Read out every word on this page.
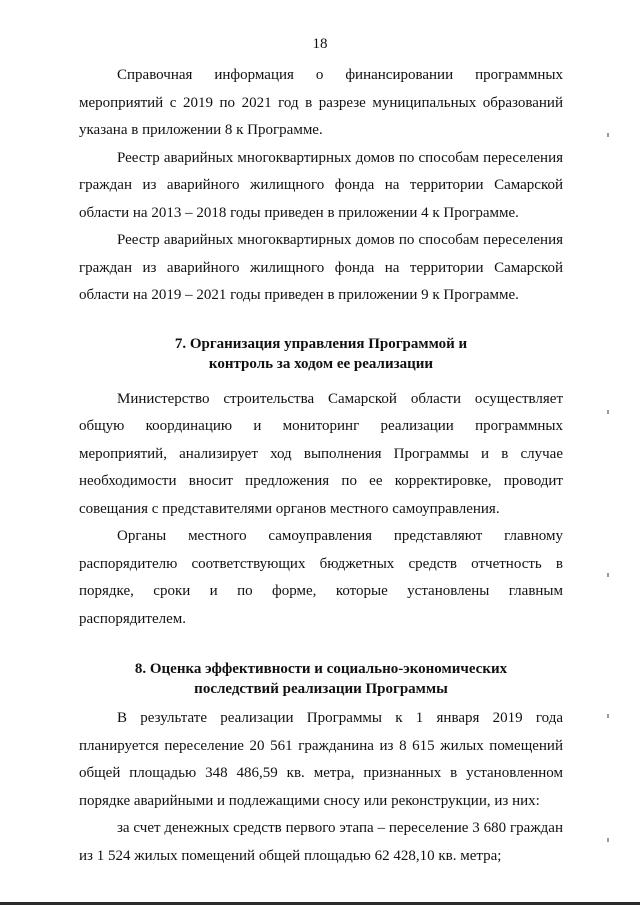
18

Справочная информация о финансировании программных мероприятий с 2019 по 2021 год в разрезе муниципальных образований указана в приложении 8 к Программе.

Реестр аварийных многоквартирных домов по способам переселения граждан из аварийного жилищного фонда на территории Самарской области на 2013 – 2018 годы приведен в приложении 4 к Программе.

Реестр аварийных многоквартирных домов по способам переселения граждан из аварийного жилищного фонда на территории Самарской области на 2019 – 2021 годы приведен в приложении 9 к Программе.

7. Организация управления Программой и
контроль за ходом ее реализации

Министерство строительства Самарской области осуществляет общую координацию и мониторинг реализации программных мероприятий, анализирует ход выполнения Программы и в случае необходимости вносит предложения по ее корректировке, проводит совещания с представителями органов местного самоуправления.

Органы местного самоуправления представляют главному распорядителю соответствующих бюджетных средств отчетность в порядке, сроки и по форме, которые установлены главным распорядителем.

8. Оценка эффективности и социально-экономических
последствий реализации Программы

В результате реализации Программы к 1 января 2019 года планируется переселение 20 561 гражданина из 8 615 жилых помещений общей площадью 348 486,59 кв. метра, признанных в установленном порядке аварийными и подлежащими сносу или реконструкции, из них:

за счет денежных средств первого этапа – переселение 3 680 граждан из 1 524 жилых помещений общей площадью 62 428,10 кв. метра;
